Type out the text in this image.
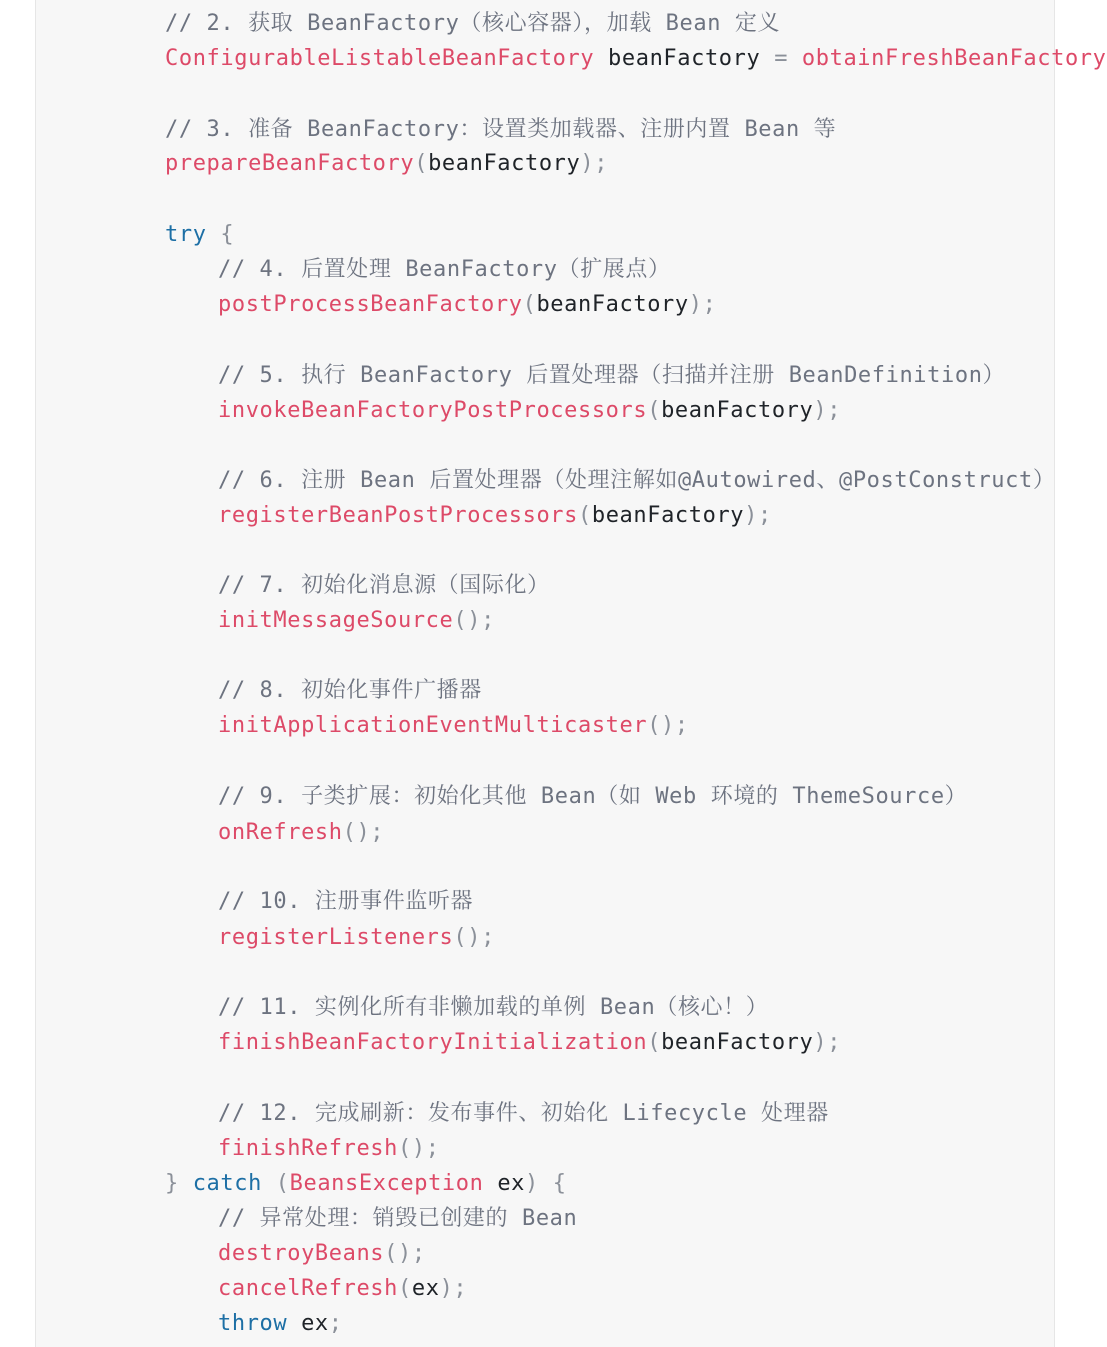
// 2. 获取 BeanFactory（核心容器），加载 Bean 定义
ConfigurableListableBeanFactory beanFactory = obtainFreshBeanFactory
// 3. 准备 BeanFactory：设置类加载器、注册内置 Bean 等
prepareBeanFactory(beanFactory);
try {
// 4. 后置处理 BeanFactory（扩展点）
postProcessBeanFactory(beanFactory);
// 5. 执行 BeanFactory 后置处理器（扫描并注册 BeanDefinition）
invokeBeanFactoryPostProcessors(beanFactory);
// 6. 注册 Bean 后置处理器（处理注解如@Autowired、@PostConstruct）
registerBeanPostProcessors(beanFactory);
// 7. 初始化消息源（国际化）
initMessageSource();
// 8. 初始化事件广播器
initApplicationEventMulticaster();
// 9. 子类扩展：初始化其他 Bean（如 Web 环境的 ThemeSource）
onRefresh();
// 10. 注册事件监听器
registerListeners();
// 11. 实例化所有非懒加载的单例 Bean（核心！）
finishBeanFactoryInitialization(beanFactory);
// 12. 完成刷新：发布事件、初始化 Lifecycle 处理器
finishRefresh();
} catch (BeansException ex) {
// 异常处理：销毁已创建的 Bean
destroyBeans();
cancelRefresh(ex);
throw ex;
